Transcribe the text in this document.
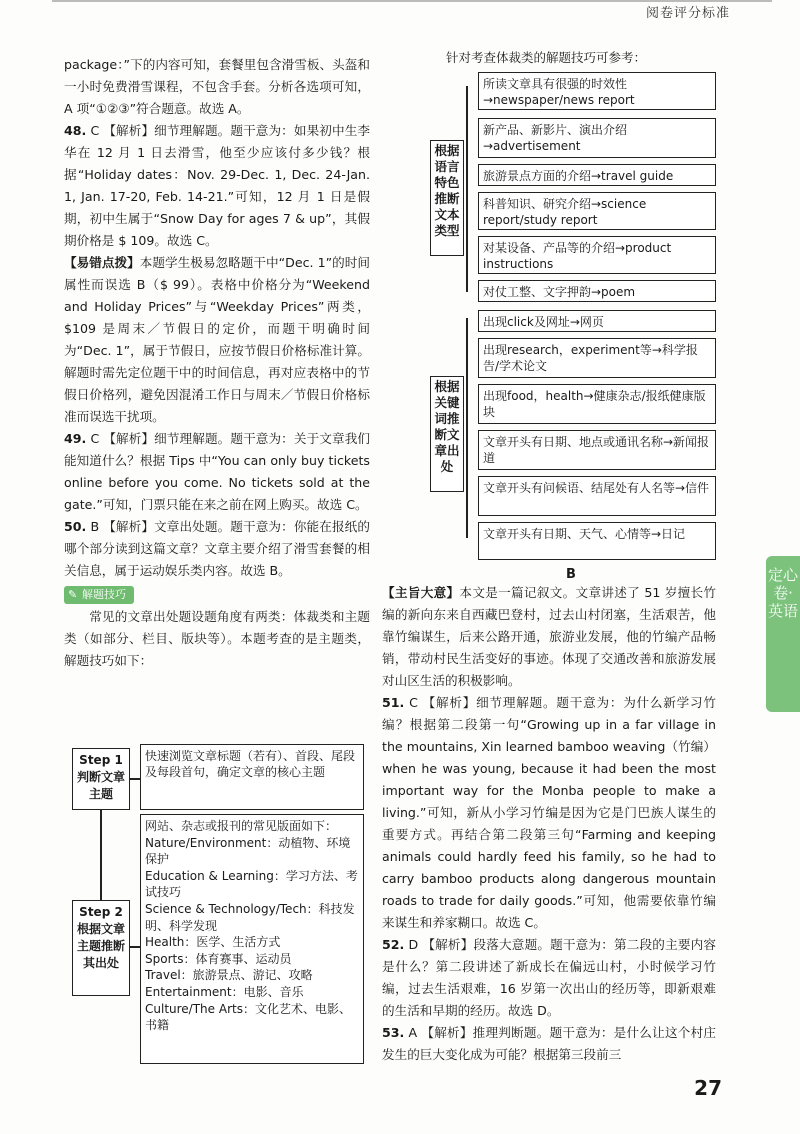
阅卷评分标准

package：”下的内容可知，套餐里包含滑雪板、头盔和一小时免费滑雪课程，不包含手套。分析各选项可知，A 项“①②③”符合题意。故选 A。

48. C 【解析】细节理解题。题干意为：如果初中生李华在 12 月 1 日去滑雪，他至少应该付多少钱？根据“Holiday dates：Nov. 29-Dec. 1, Dec. 24-Jan. 1, Jan. 17-20, Feb. 14-21.”可知，12 月 1 日是假期，初中生属于“Snow Day for ages 7 & up”，其假期价格是 $ 109。故选 C。

【易错点拨】本题学生极易忽略题干中“Dec. 1”的时间属性而误选 B（$ 99）。表格中价格分为“Weekend and Holiday Prices”与“Weekday Prices”两类，$109 是周末／节假日的定价，而题干明确时间为“Dec. 1”，属于节假日，应按节假日价格标准计算。解题时需先定位题干中的时间信息，再对应表格中的节假日价格列，避免因混淆工作日与周末／节假日价格标准而误选干扰项。

49. C 【解析】细节理解题。题干意为：关于文章我们能知道什么？根据 Tips 中“You can only buy tickets online before you come. No tickets sold at the gate.”可知，门票只能在来之前在网上购买。故选 C。

50. B 【解析】文章出处题。题干意为：你能在报纸的哪个部分读到这篇文章？文章主要介绍了滑雪套餐的相关信息，属于运动娱乐类内容。故选 B。

✎ 解题技巧

常见的文章出处题设题角度有两类：体裁类和主题类（如部分、栏目、版块等）。本题考查的是主题类，解题技巧如下：

Step 1 判断文章主题
快速浏览文章标题（若有）、首段、尾段及每段首句，确定文章的核心主题
Step 2 根据文章主题推断其出处
网站、杂志或报刊的常见版面如下：
Nature/Environment：动植物、环境保护
Education & Learning：学习方法、考试技巧
Science & Technology/Tech：科技发明、科学发现
Health：医学、生活方式
Sports：体育赛事、运动员
Travel：旅游景点、游记、攻略
Entertainment：电影、音乐
Culture/The Arts：文化艺术、电影、书籍
针对考查体裁类的解题技巧可参考：
根据语言特色推断文本类型
所读文章具有很强的时效性→newspaper/news report
新产品、新影片、演出介绍→advertisement
旅游景点方面的介绍→travel guide
科普知识、研究介绍→science report/study report
对某设备、产品等的介绍→product instructions
对仗工整、文字押韵→poem
根据关键词推断文章出处
出现click及网址→网页
出现research，experiment等→科学报告/学术论文
出现food，health→健康杂志/报纸健康版块
文章开头有日期、地点或通讯名称→新闻报道
文章开头有问候语、结尾处有人名等→信件
文章开头有日期、天气、心情等→日记
B

【主旨大意】本文是一篇记叙文。文章讲述了 51 岁擅长竹编的新向东来自西藏巴登村，过去山村闭塞，生活艰苦，他靠竹编谋生，后来公路开通，旅游业发展，他的竹编产品畅销，带动村民生活变好的事迹。体现了交通改善和旅游发展对山区生活的积极影响。

51. C 【解析】细节理解题。题干意为：为什么新学习竹编？根据第二段第一句“Growing up in a far village in the mountains, Xin learned bamboo weaving（竹编）when he was young, because it had been the most important way for the Monba people to make a living.”可知，新从小学习竹编是因为它是门巴族人谋生的重要方式。再结合第二段第三句“Farming and keeping animals could hardly feed his family, so he had to carry bamboo products along dangerous mountain roads to trade for daily goods.”可知，他需要依靠竹编来谋生和养家糊口。故选 C。

52. D 【解析】段落大意题。题干意为：第二段的主要内容是什么？第二段讲述了新成长在偏远山村，小时候学习竹编，过去生活艰难，16 岁第一次出山的经历等，即新艰难的生活和早期的经历。故选 D。

53. A 【解析】推理判断题。题干意为：是什么让这个村庄发生的巨大变化成为可能？根据第三段前三

定心卷·英语
27
